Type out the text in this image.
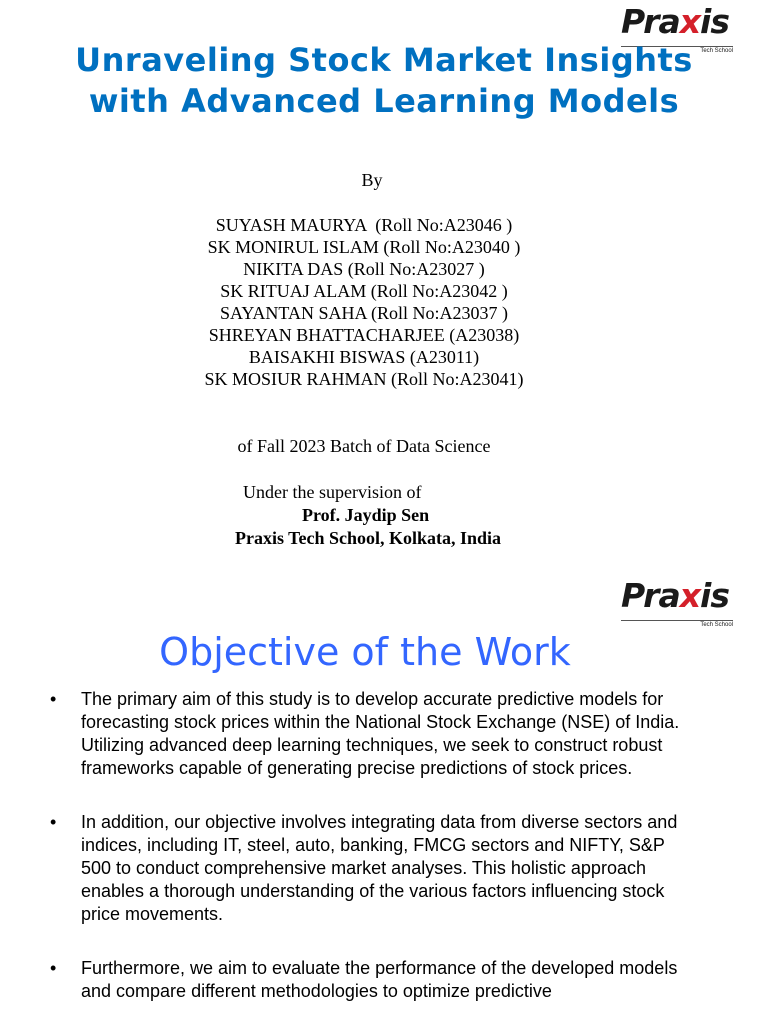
Praxis
Tech School
Unraveling Stock Market Insights with Advanced Learning Models
By
SUYASH MAURYA  (Roll No:A23046 )
SK MONIRUL ISLAM (Roll No:A23040 )
NIKITA DAS (Roll No:A23027 )
SK RITUAJ ALAM (Roll No:A23042 )
SAYANTAN SAHA (Roll No:A23037 )
SHREYAN BHATTACHARJEE (A23038)
BAISAKHI BISWAS (A23011)
SK MOSIUR RAHMAN (Roll No:A23041)
of Fall 2023 Batch of Data Science
Under the supervision of
Prof. Jaydip Sen
Praxis Tech School, Kolkata, India
Praxis
Tech School
Objective of the Work
• The primary aim of this study is to develop accurate predictive models for forecasting stock prices within the National Stock Exchange (NSE) of India. Utilizing advanced deep learning techniques, we seek to construct robust frameworks capable of generating precise predictions of stock prices.
• In addition, our objective involves integrating data from diverse sectors and indices, including IT, steel, auto, banking, FMCG sectors and NIFTY, S&P 500 to conduct comprehensive market analyses. This holistic approach enables a thorough understanding of the various factors influencing stock price movements.
• Furthermore, we aim to evaluate the performance of the developed models and compare different methodologies to optimize predictive
